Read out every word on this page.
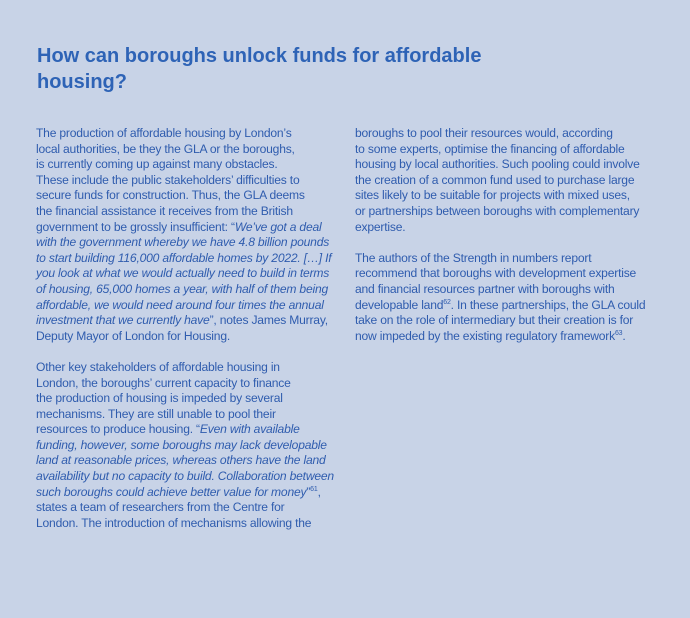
How can boroughs unlock funds for affordable
housing?

The production of affordable housing by London’s
local authorities, be they the GLA or the boroughs,
is currently coming up against many obstacles.
These include the public stakeholders’ difficulties to
secure funds for construction. Thus, the GLA deems
the financial assistance it receives from the British
government to be grossly insufficient: “We’ve got a deal
with the government whereby we have 4.8 billion pounds
to start building 116,000 affordable homes by 2022. […] If
you look at what we would actually need to build in terms
of housing, 65,000 homes a year, with half of them being
affordable, we would need around four times the annual
investment that we currently have”, notes James Murray,
Deputy Mayor of London for Housing.

Other key stakeholders of affordable housing in
London, the boroughs’ current capacity to finance
the production of housing is impeded by several
mechanisms. They are still unable to pool their
resources to produce housing. “Even with available
funding, however, some boroughs may lack developable
land at reasonable prices, whereas others have the land
availability but no capacity to build. Collaboration between
such boroughs could achieve better value for money”$^{61}$,
states a team of researchers from the Centre for
London. The introduction of mechanisms allowing the

boroughs to pool their resources would, according
to some experts, optimise the financing of affordable
housing by local authorities. Such pooling could involve
the creation of a common fund used to purchase large
sites likely to be suitable for projects with mixed uses,
or partnerships between boroughs with complementary
expertise.

The authors of the Strength in numbers report
recommend that boroughs with development expertise
and financial resources partner with boroughs with
developable land$^{62}$. In these partnerships, the GLA could
take on the role of intermediary but their creation is for
now impeded by the existing regulatory framework$^{63}$.
